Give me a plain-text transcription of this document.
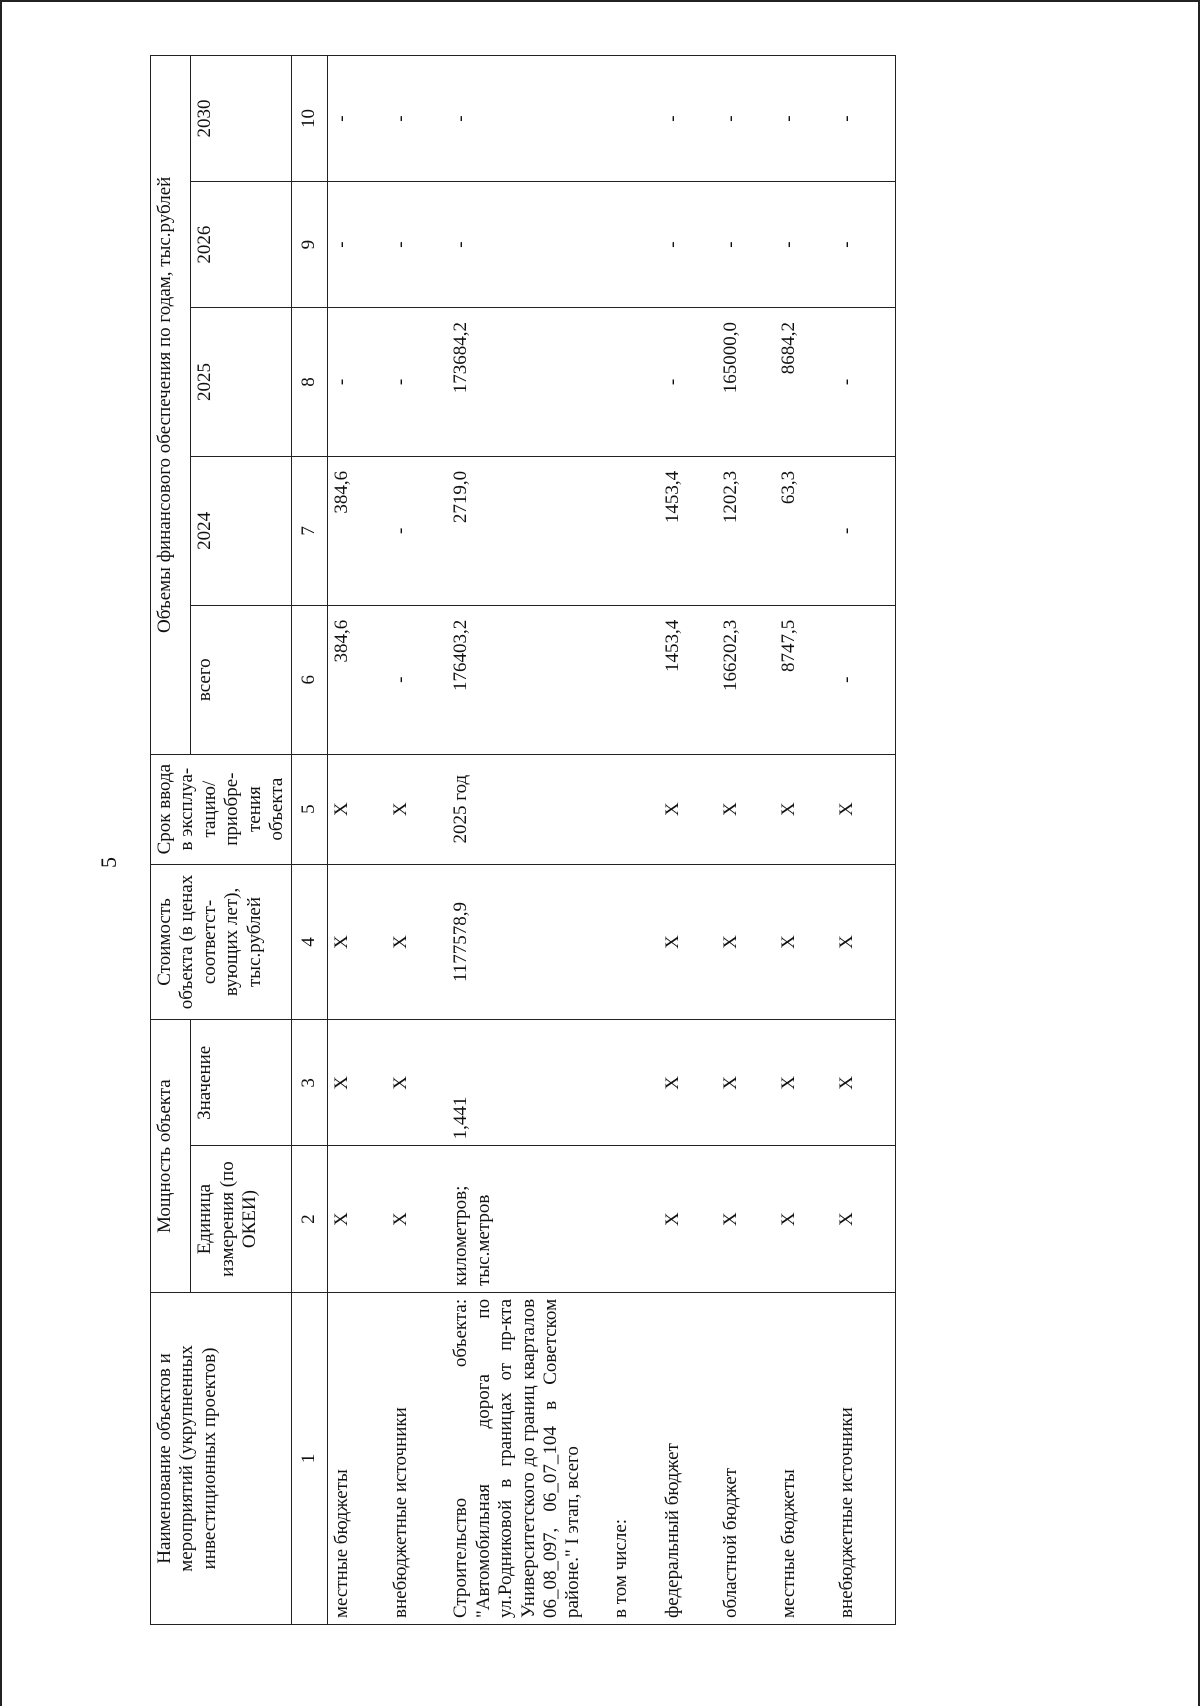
5
Наименование объектов и мероприятий (укрупненных инвестиционных проектов)	Мощность объекта		Стоимость объекта (в ценах соответст-вующих лет), тыс.рублей	Срок ввода в эксплуа-тацию/ приобре-тения объекта	Объемы финансового обеспечения по годам, тыс.рублей				
	Единица измерения (по ОКЕИ)	Значение			всего	2024	2025	2026	2030
1	2	3	4	5	6	7	8	9	10
местные бюджеты	X	X	X	X	384,6	384,6	-	-	-
внебюджетные источники	X	X	X	X	-	-	-	-	-
Строительство объекта: "Автомобильная дорога по ул.Родниковой в границах от пр-кта Университетского до границ кварталов 06_08_097, 06_07_104 в Советском районе." I этап, всего	километров; тыс.метров	1,441	1177578,9	2025 год	176403,2	2719,0	173684,2	-	-
в том числе:									
федеральный бюджет	X	X	X	X	1453,4	1453,4	-	-	-
областной бюджет	X	X	X	X	166202,3	1202,3	165000,0	-	-
местные бюджеты	X	X	X	X	8747,5	63,3	8684,2	-	-
внебюджетные источники	X	X	X	X	-	-	-	-	-
